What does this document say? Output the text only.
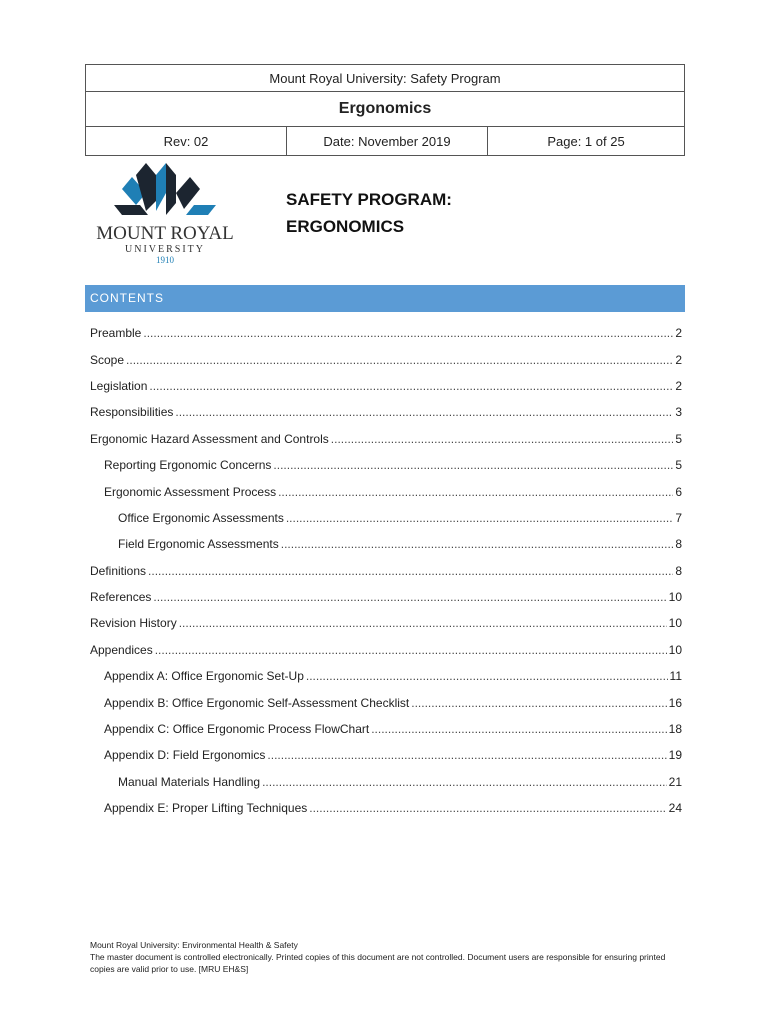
Mount Royal University: Safety Program
Ergonomics
Rev: 02	Date: November 2019	Page: 1 of 25
MOUNT ROYAL
UNIVERSITY
1910
SAFETY PROGRAM:
ERGONOMICS
CONTENTS
Preamble .....	2
Scope .....	2
Legislation .....	2
Responsibilities .....	3
Ergonomic Hazard Assessment and Controls .....	5
Reporting Ergonomic Concerns .....	5
Ergonomic Assessment Process .....	6
Office Ergonomic Assessments .....	7
Field Ergonomic Assessments .....	8
Definitions .....	8
References .....	10
Revision History .....	10
Appendices .....	10
Appendix A: Office Ergonomic Set-Up .....	11
Appendix B: Office Ergonomic Self-Assessment Checklist .....	16
Appendix C: Office Ergonomic Process FlowChart .....	18
Appendix D: Field Ergonomics .....	19
Manual Materials Handling .....	21
Appendix E: Proper Lifting Techniques .....	24
Mount Royal University: Environmental Health & Safety
The master document is controlled electronically. Printed copies of this document are not controlled. Document users are responsible for ensuring printed copies are valid prior to use. [MRU EH&S]
